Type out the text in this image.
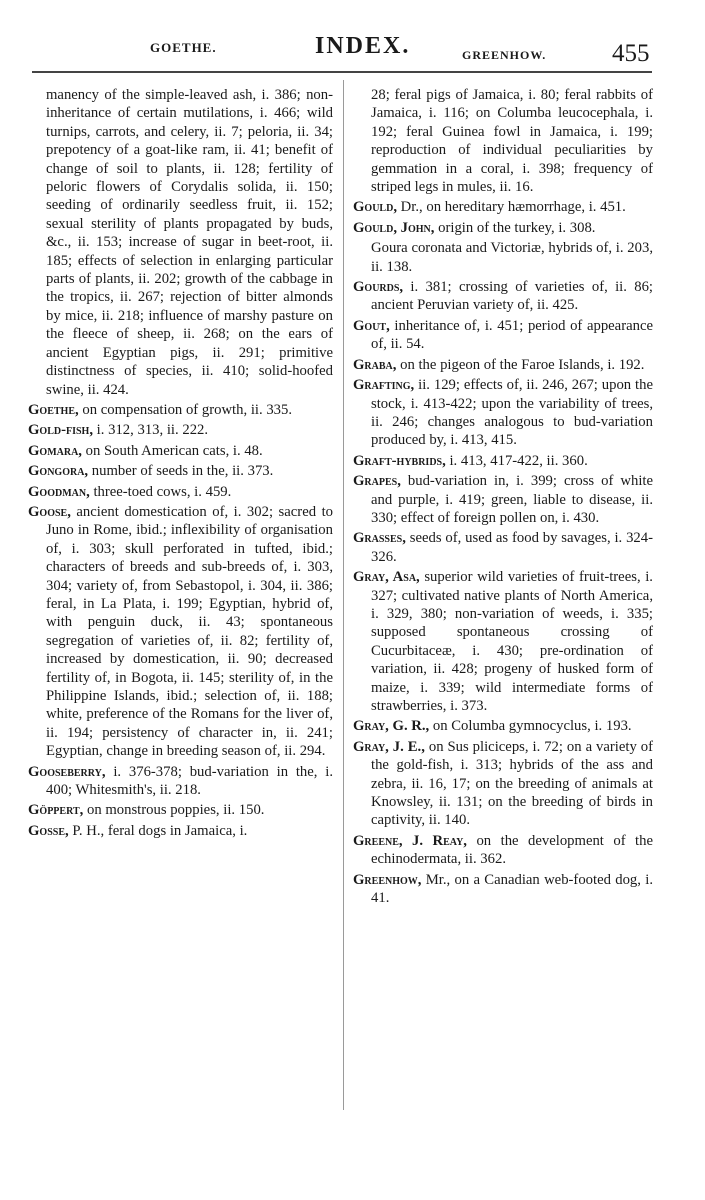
GOETHE.	INDEX.	GREENHOW.	455

manency of the simple-leaved ash, i. 386; non-inheritance of certain mutilations, i. 466; wild turnips, carrots, and celery, ii. 7; peloria, ii. 34; prepotency of a goat-like ram, ii. 41; benefit of change of soil to plants, ii. 128; fertility of peloric flowers of Corydalis solida, ii. 150; seeding of ordinarily seedless fruit, ii. 152; sexual sterility of plants propagated by buds, &c., ii. 153; increase of sugar in beet-root, ii. 185; effects of selection in enlarging particular parts of plants, ii. 202; growth of the cabbage in the tropics, ii. 267; rejection of bitter almonds by mice, ii. 218; influence of marshy pasture on the fleece of sheep, ii. 268; on the ears of ancient Egyptian pigs, ii. 291; primitive distinctness of species, ii. 410; solid-hoofed swine, ii. 424.

Goethe, on compensation of growth, ii. 335.

Gold-fish, i. 312, 313, ii. 222.

Gomara, on South American cats, i. 48.

Gongora, number of seeds in the, ii. 373.

Goodman, three-toed cows, i. 459.

Goose, ancient domestication of, i. 302; sacred to Juno in Rome, ibid.; inflexibility of organisation of, i. 303; skull perforated in tufted, ibid.; characters of breeds and sub-breeds of, i. 303, 304; variety of, from Sebastopol, i. 304, ii. 386; feral, in La Plata, i. 199; Egyptian, hybrid of, with penguin duck, ii. 43; spontaneous segregation of varieties of, ii. 82; fertility of, increased by domestication, ii. 90; decreased fertility of, in Bogota, ii. 145; sterility of, in the Philippine Islands, ibid.; selection of, ii. 188; white, preference of the Romans for the liver of, ii. 194; persistency of character in, ii. 241; Egyptian, change in breeding season of, ii. 294.

Gooseberry, i. 376-378; bud-variation in the, i. 400; Whitesmith's, ii. 218.

Göppert, on monstrous poppies, ii. 150.

Gosse, P. H., feral dogs in Jamaica, i.

28; feral pigs of Jamaica, i. 80; feral rabbits of Jamaica, i. 116; on Columba leucocephala, i. 192; feral Guinea fowl in Jamaica, i. 199; reproduction of individual peculiarities by gemmation in a coral, i. 398; frequency of striped legs in mules, ii. 16.

Gould, Dr., on hereditary hæmorrhage, i. 451.

Gould, John, origin of the turkey, i. 308.

Goura coronata and Victoriæ, hybrids of, i. 203, ii. 138.

Gourds, i. 381; crossing of varieties of, ii. 86; ancient Peruvian variety of, ii. 425.

Gout, inheritance of, i. 451; period of appearance of, ii. 54.

Graba, on the pigeon of the Faroe Islands, i. 192.

Grafting, ii. 129; effects of, ii. 246, 267; upon the stock, i. 413-422; upon the variability of trees, ii. 246; changes analogous to bud-variation produced by, i. 413, 415.

Graft-hybrids, i. 413, 417-422, ii. 360.

Grapes, bud-variation in, i. 399; cross of white and purple, i. 419; green, liable to disease, ii. 330; effect of foreign pollen on, i. 430.

Grasses, seeds of, used as food by savages, i. 324-326.

Gray, Asa, superior wild varieties of fruit-trees, i. 327; cultivated native plants of North America, i. 329, 380; non-variation of weeds, i. 335; supposed spontaneous crossing of Cucurbitaceæ, i. 430; pre-ordination of variation, ii. 428; progeny of husked form of maize, i. 339; wild intermediate forms of strawberries, i. 373.

Gray, G. R., on Columba gymnocyclus, i. 193.

Gray, J. E., on Sus pliciceps, i. 72; on a variety of the gold-fish, i. 313; hybrids of the ass and zebra, ii. 16, 17; on the breeding of animals at Knowsley, ii. 131; on the breeding of birds in captivity, ii. 140.

Greene, J. Reay, on the development of the echinodermata, ii. 362.

Greenhow, Mr., on a Canadian web-footed dog, i. 41.
